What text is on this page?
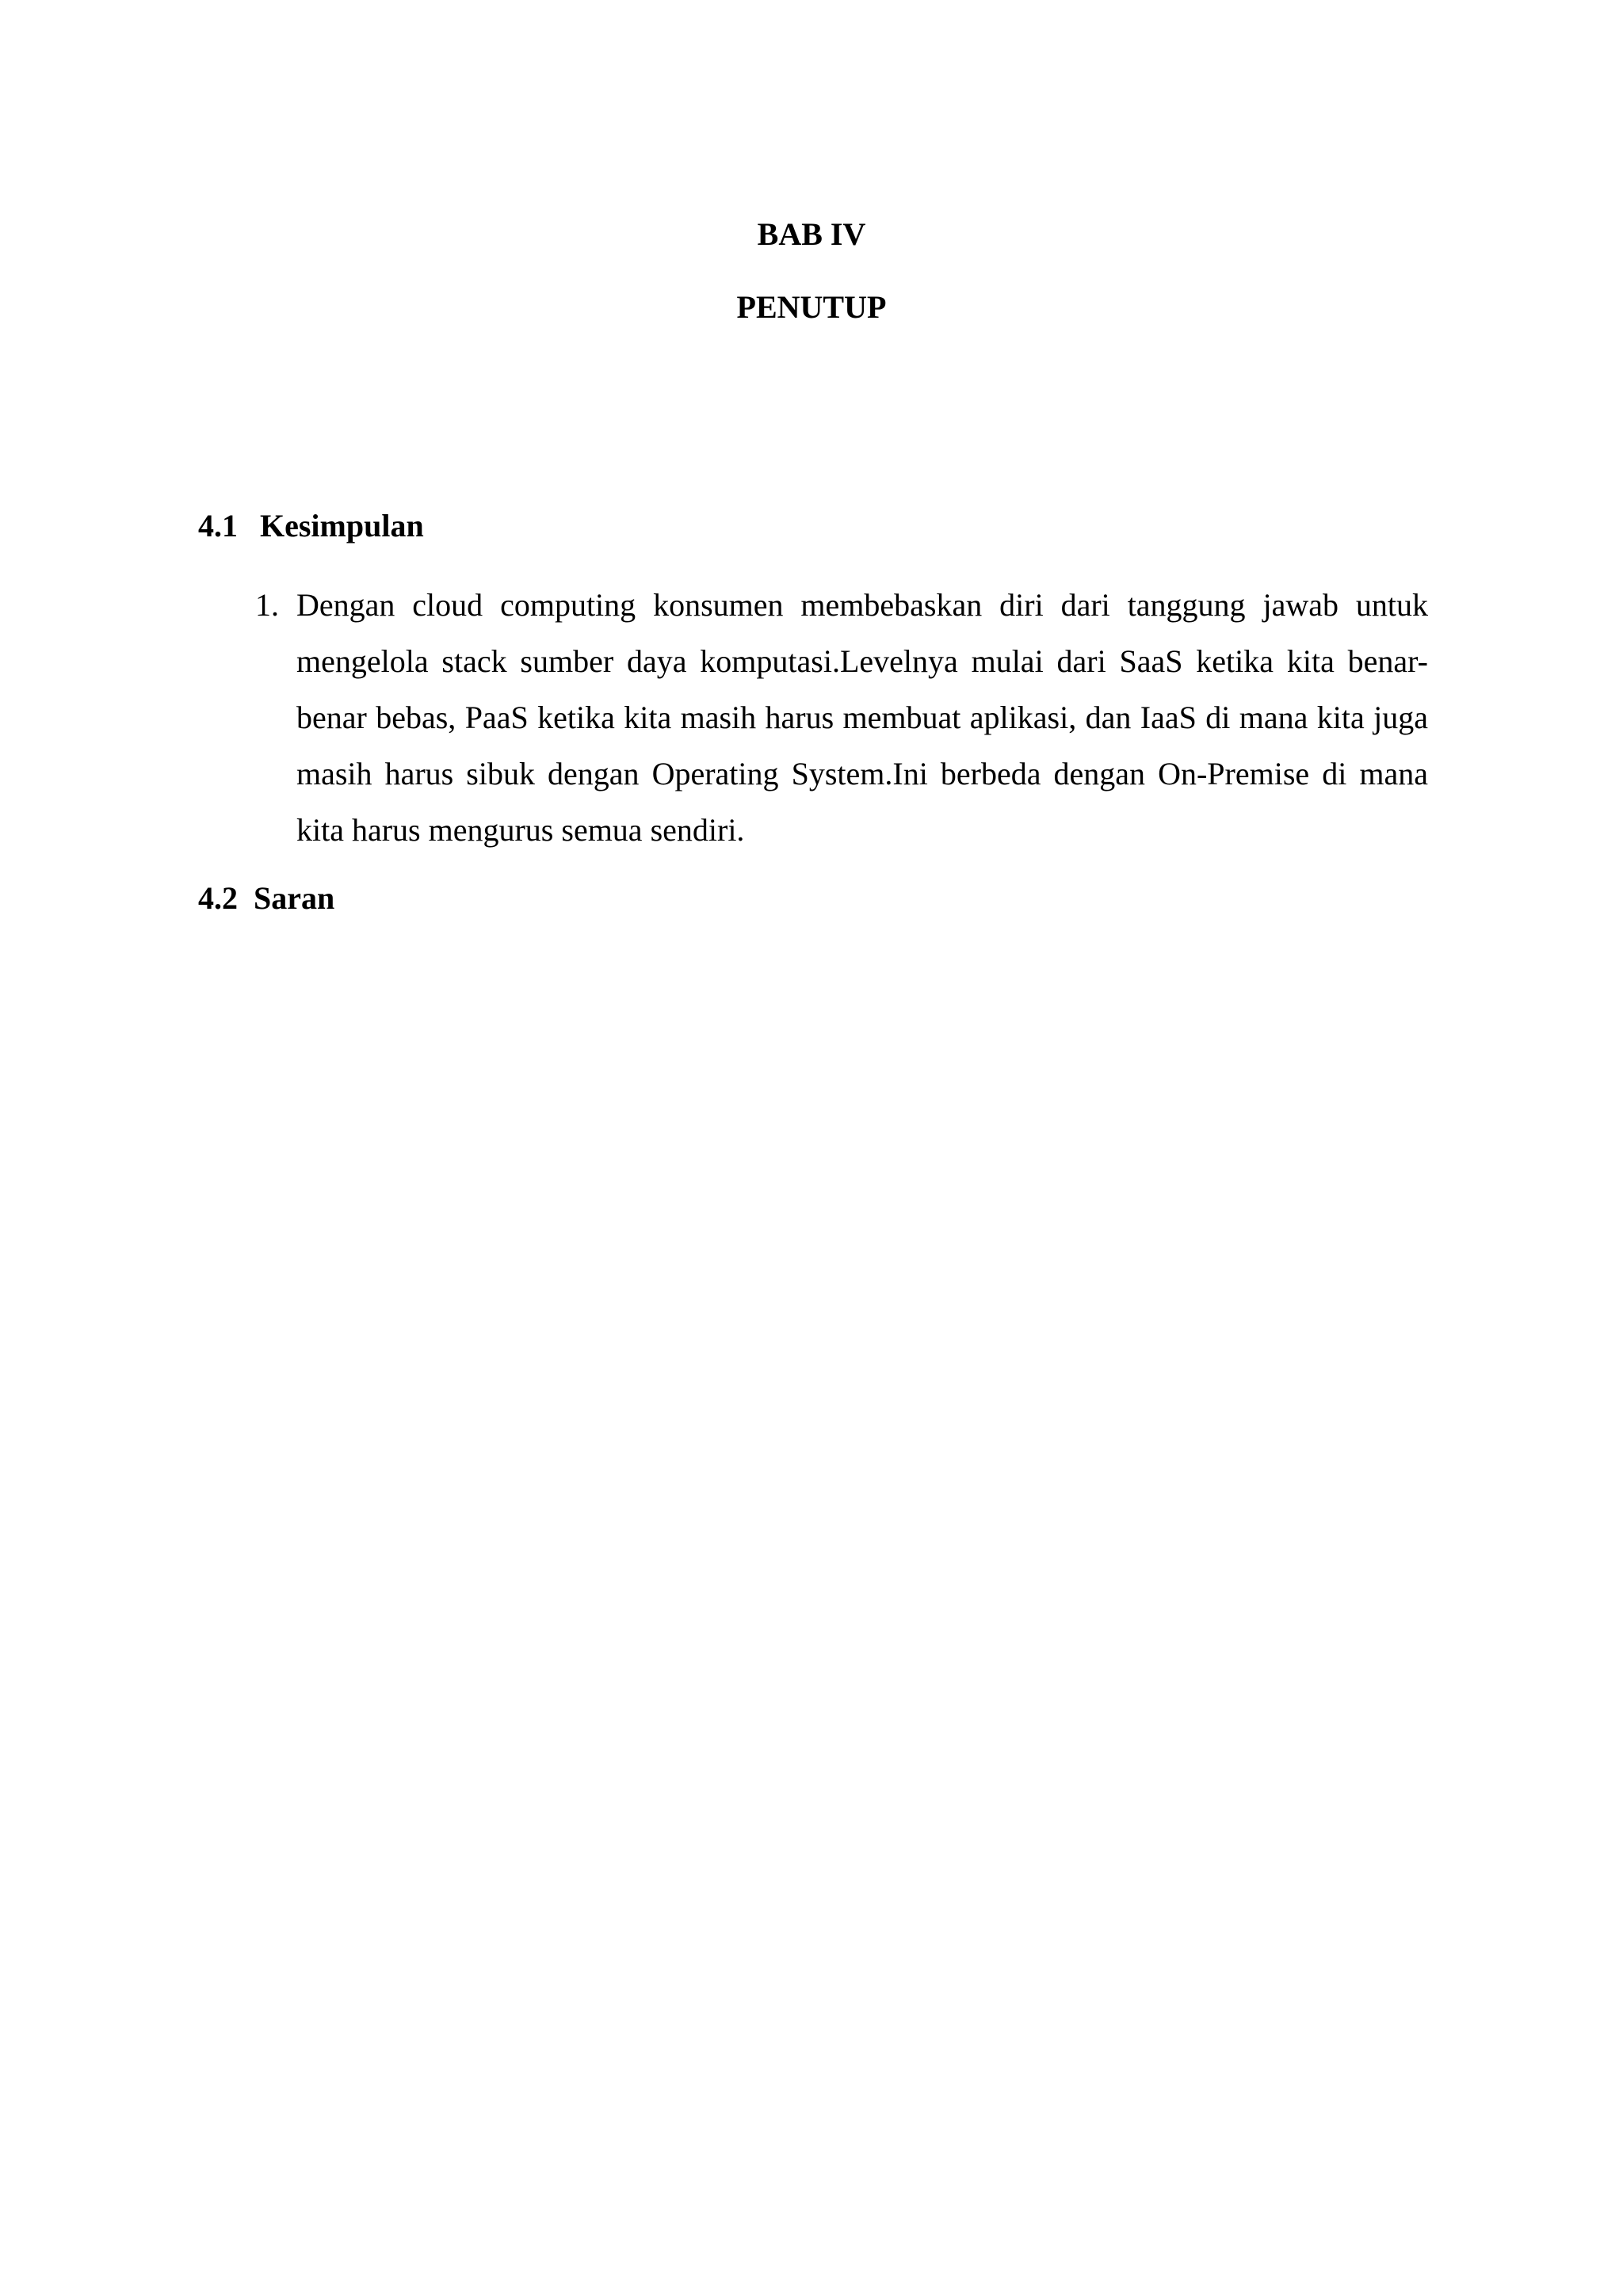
BAB IV
PENUTUP
4.1 Kesimpulan
1. Dengan cloud computing konsumen membebaskan diri dari tanggung jawab untuk mengelola stack sumber daya komputasi.Levelnya mulai dari SaaS ketika kita benar-benar bebas, PaaS ketika kita masih harus membuat aplikasi, dan IaaS di mana kita juga masih harus sibuk dengan Operating System.Ini berbeda dengan On-Premise di mana kita harus mengurus semua sendiri.
4.2 Saran
